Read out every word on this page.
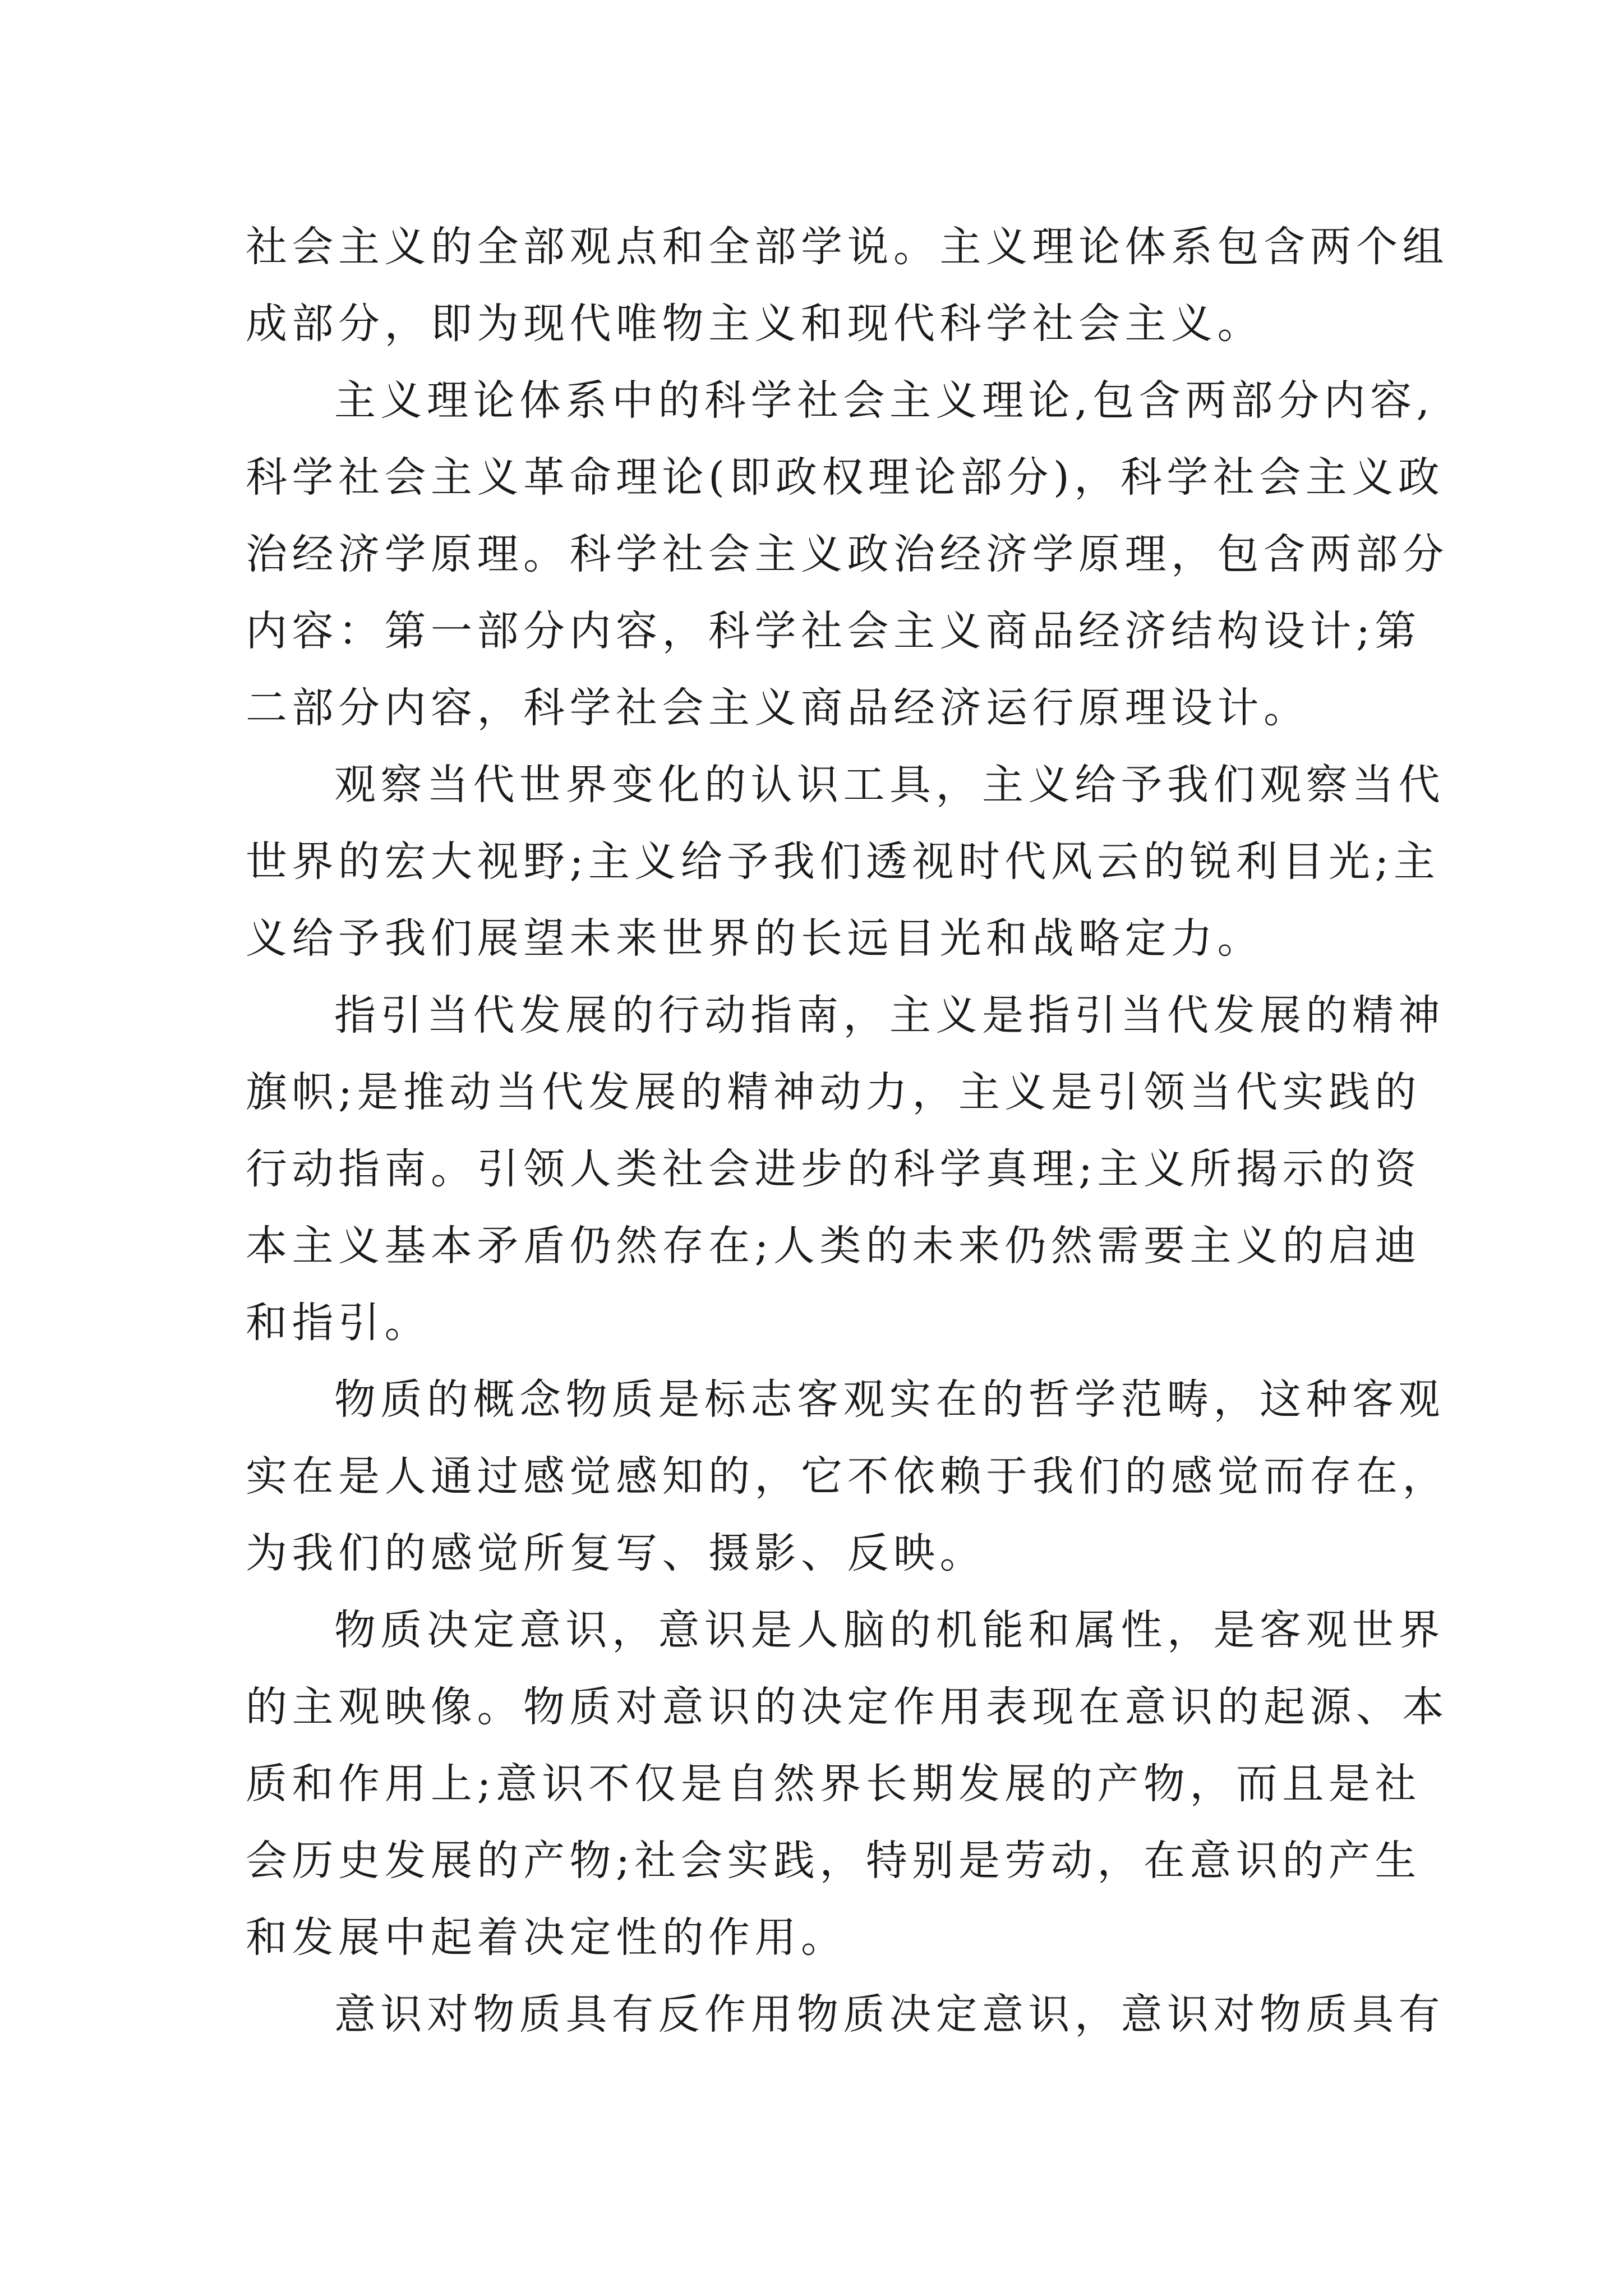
社会主义的全部观点和全部学说。主义理论体系包含两个组
成部分，即为现代唯物主义和现代科学社会主义。
主义理论体系中的科学社会主义理论,包含两部分内容,
科学社会主义革命理论(即政权理论部分)，科学社会主义政
治经济学原理。科学社会主义政治经济学原理，包含两部分
内容：第一部分内容，科学社会主义商品经济结构设计;第
二部分内容，科学社会主义商品经济运行原理设计。
观察当代世界变化的认识工具，主义给予我们观察当代
世界的宏大视野;主义给予我们透视时代风云的锐利目光;主
义给予我们展望未来世界的长远目光和战略定力。
指引当代发展的行动指南，主义是指引当代发展的精神
旗帜;是推动当代发展的精神动力，主义是引领当代实践的
行动指南。引领人类社会进步的科学真理;主义所揭示的资
本主义基本矛盾仍然存在;人类的未来仍然需要主义的启迪
和指引。
物质的概念物质是标志客观实在的哲学范畴，这种客观
实在是人通过感觉感知的，它不依赖于我们的感觉而存在，
为我们的感觉所复写、摄影、反映。
物质决定意识，意识是人脑的机能和属性，是客观世界
的主观映像。物质对意识的决定作用表现在意识的起源、本
质和作用上;意识不仅是自然界长期发展的产物，而且是社
会历史发展的产物;社会实践，特别是劳动，在意识的产生
和发展中起着决定性的作用。
意识对物质具有反作用物质决定意识，意识对物质具有
